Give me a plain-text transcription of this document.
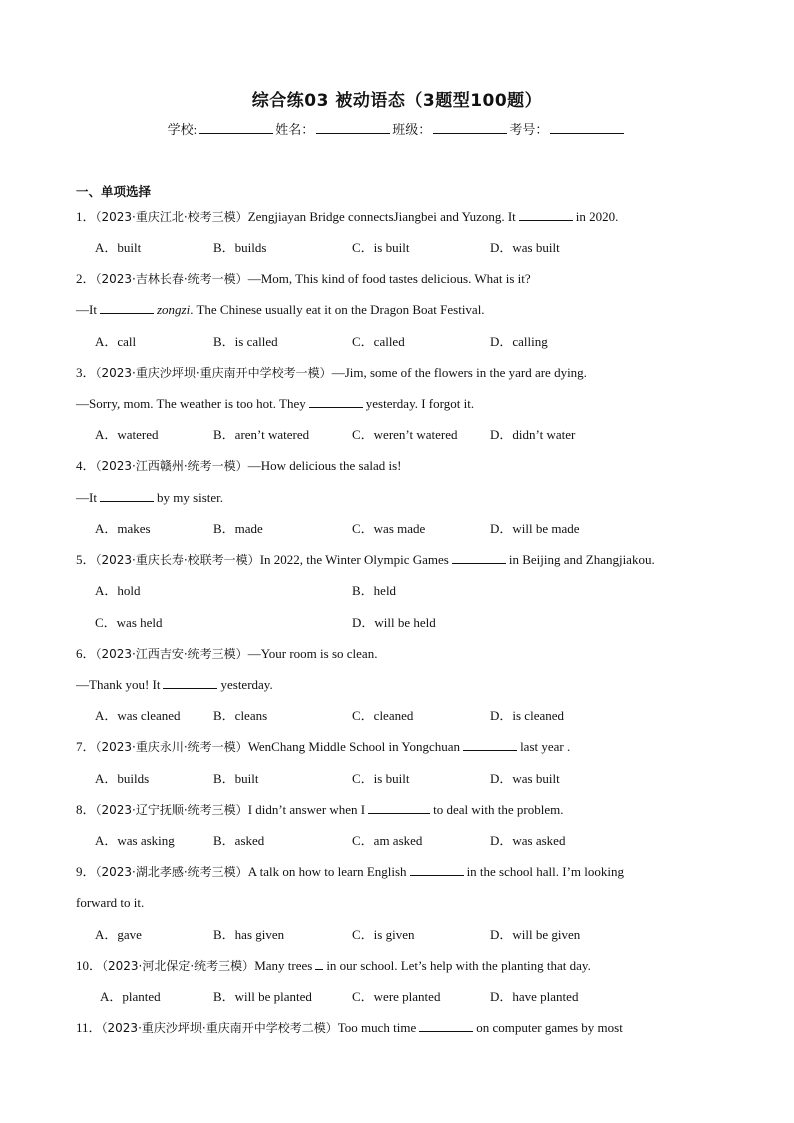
综合练03 被动语态（3题型100题）
学校:	姓名：	班级：	考号：
一、单项选择
1．（2023·重庆江北·校考三模）Zengjiayan Bridge connectsJiangbei and Yuzong. It	in 2020.
A．built	B．builds	C．is built	D．was built
2．（2023·吉林长春·统考一模）—Mom, This kind of food tastes delicious. What is it?
—It	zongzi. The Chinese usually eat it on the Dragon Boat Festival.
A．call	B．is called	C．called	D．calling
3．（2023·重庆沙坪坝·重庆南开中学校考一模）—Jim, some of the flowers in the yard are dying.
—Sorry, mom. The weather is too hot. They	yesterday. I forgot it.
A．watered	B．aren’t watered	C．weren’t watered D．didn’t water
4．（2023·江西赣州·统考一模）—How delicious the salad is!
—It	by my sister.
A．makes	B．made	C．was made	D．will be made
5．（2023·重庆长寿·校联考一模）In 2022, the Winter Olympic Games	in Beijing and Zhangjiakou.
A．hold	B．held
C．was held	D．will be held
6．（2023·江西吉安·统考三模）—Your room is so clean.
—Thank you! It	yesterday.
A．was cleaned B．cleans	C．cleaned	D．is cleaned
7．（2023·重庆永川·统考一模）WenChang Middle School in Yongchuan	last year .
A．builds	B．built	C．is built	D．was built
8．（2023·辽宁抚顺·统考三模）I didn’t answer when I	to deal with the problem.
A．was asking	B．asked	C．am asked	D．was asked
9．（2023·湖北孝感·统考三模）A talk on how to learn English	in the school hall. I’m looking
forward to it.
A．gave	B．has given	C．is given	D．will be given
10．（2023·河北保定·统考三模）Many trees in our school. Let’s help with the planting that day.
A．planted	B．will be planted	C．were planted	D．have planted
11．（2023·重庆沙坪坝·重庆南开中学校考二模）Too much time	on computer games by most
